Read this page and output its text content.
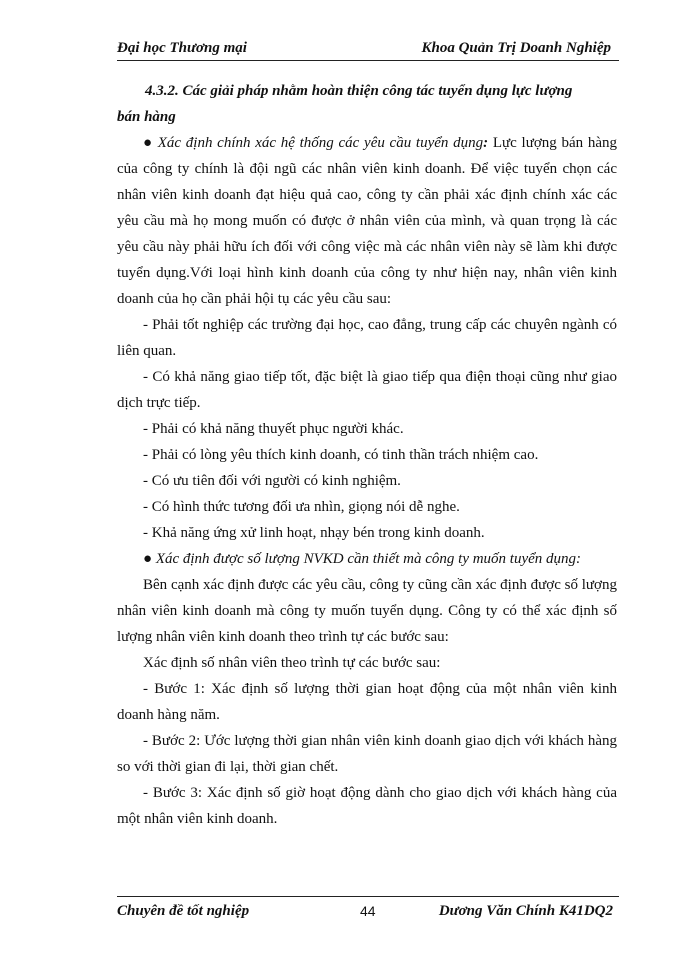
Đại học Thương mại	Khoa Quản Trị Doanh Nghiệp

4.3.2. Các giải pháp nhằm hoàn thiện công tác tuyển dụng lực lượng
bán hàng

● Xác định chính xác hệ thống các yêu cầu tuyển dụng: Lực lượng bán hàng của công ty chính là đội ngũ các nhân viên kinh doanh. Để việc tuyển chọn các nhân viên kinh doanh đạt hiệu quả cao, công ty cần phải xác định chính xác các yêu cầu mà họ mong muốn có được ở nhân viên của mình, và quan trọng là các yêu cầu này phải hữu ích đối với công việc mà các nhân viên này sẽ làm khi được tuyển dụng.Với loại hình kinh doanh của công ty như hiện nay, nhân viên kinh doanh của họ cần phải hội tụ các yêu cầu sau:

- Phải tốt nghiệp các trường đại học, cao đẳng, trung cấp các chuyên ngành có liên quan.

- Có khả năng giao tiếp tốt, đặc biệt là giao tiếp qua điện thoại cũng như giao dịch trực tiếp.

- Phải có khả năng thuyết phục người khác.

- Phải có lòng yêu thích kinh doanh, có tinh thần trách nhiệm cao.

- Có ưu tiên đối với người có kinh nghiệm.

- Có hình thức tương đối ưa nhìn, giọng nói dễ nghe.

- Khả năng ứng xử linh hoạt, nhạy bén trong kinh doanh.

● Xác định được số lượng NVKD cần thiết mà công ty muốn tuyển dụng:

Bên cạnh xác định được các yêu cầu, công ty cũng cần xác định được số lượng nhân viên kinh doanh mà công ty muốn tuyển dụng. Công ty có thể xác định số lượng nhân viên kinh doanh theo trình tự các bước sau:

Xác định số nhân viên theo trình tự các bước sau:

- Bước 1: Xác định số lượng thời gian hoạt động của một nhân viên kinh doanh hàng năm.

- Bước 2: Ước lượng thời gian nhân viên kinh doanh giao dịch với khách hàng so với thời gian đi lại, thời gian chết.

- Bước 3: Xác định số giờ hoạt động dành cho giao dịch với khách hàng của một nhân viên kinh doanh.

Chuyên đề tốt nghiệp	44	Dương Văn Chính K41DQ2
